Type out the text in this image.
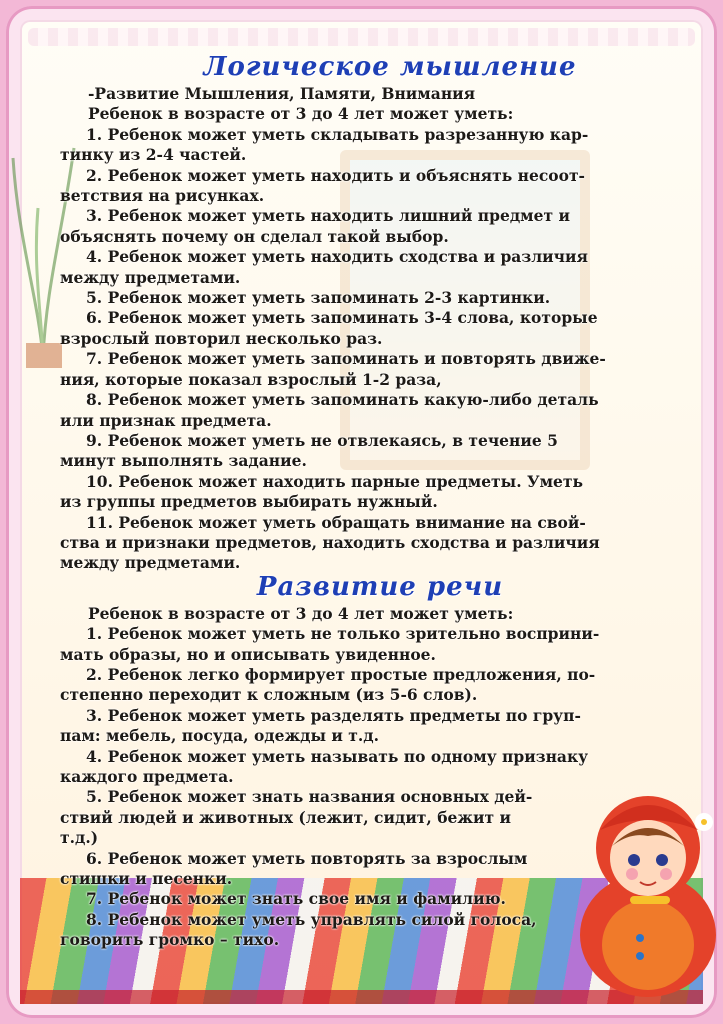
Логическое мышление
-Развитие Мышления, Памяти, Внимания
Ребенок в возрасте от 3 до 4 лет может уметь:
1. Ребенок может уметь складывать разрезанную кар-
тинку из 2-4 частей.
2. Ребенок может уметь находить и объяснять несоот-
ветствия на рисунках.
3. Ребенок может уметь находить лишний предмет и
объяснять почему он сделал такой выбор.
4. Ребенок может уметь находить сходства и различия
между предметами.
5. Ребенок может уметь запоминать 2-3 картинки.
6. Ребенок может уметь запоминать 3-4 слова, которые
взрослый повторил несколько раз.
7. Ребенок может уметь запоминать и повторять движе-
ния, которые показал взрослый 1-2 раза,
8. Ребенок может уметь запоминать какую-либо деталь
или признак предмета.
9. Ребенок может уметь не отвлекаясь, в течение 5
минут выполнять задание.
10. Ребенок может находить парные предметы. Уметь
из группы предметов выбирать нужный.
11. Ребенок может уметь обращать внимание на свой-
ства и признаки предметов, находить сходства и различия
между предметами.
Развитие речи
Ребенок в возрасте от 3 до 4 лет может уметь:
1. Ребенок может уметь не только зрительно восприни-
мать образы, но и описывать увиденное.
2. Ребенок легко формирует простые предложения, по-
степенно переходит к сложным (из 5-6 слов).
3. Ребенок может уметь разделять предметы по груп-
пам: мебель, посуда, одежды и т.д.
4. Ребенок может уметь называть по одному признаку
каждого предмета.
5. Ребенок может знать названия основных дей-
ствий людей и животных (лежит, сидит, бежит и
т.д.)
6. Ребенок может уметь повторять за взрослым
стишки и песенки.
7. Ребенок может знать свое имя и фамилию.
8. Ребенок может уметь управлять силой голоса,
говорить громко – тихо.
